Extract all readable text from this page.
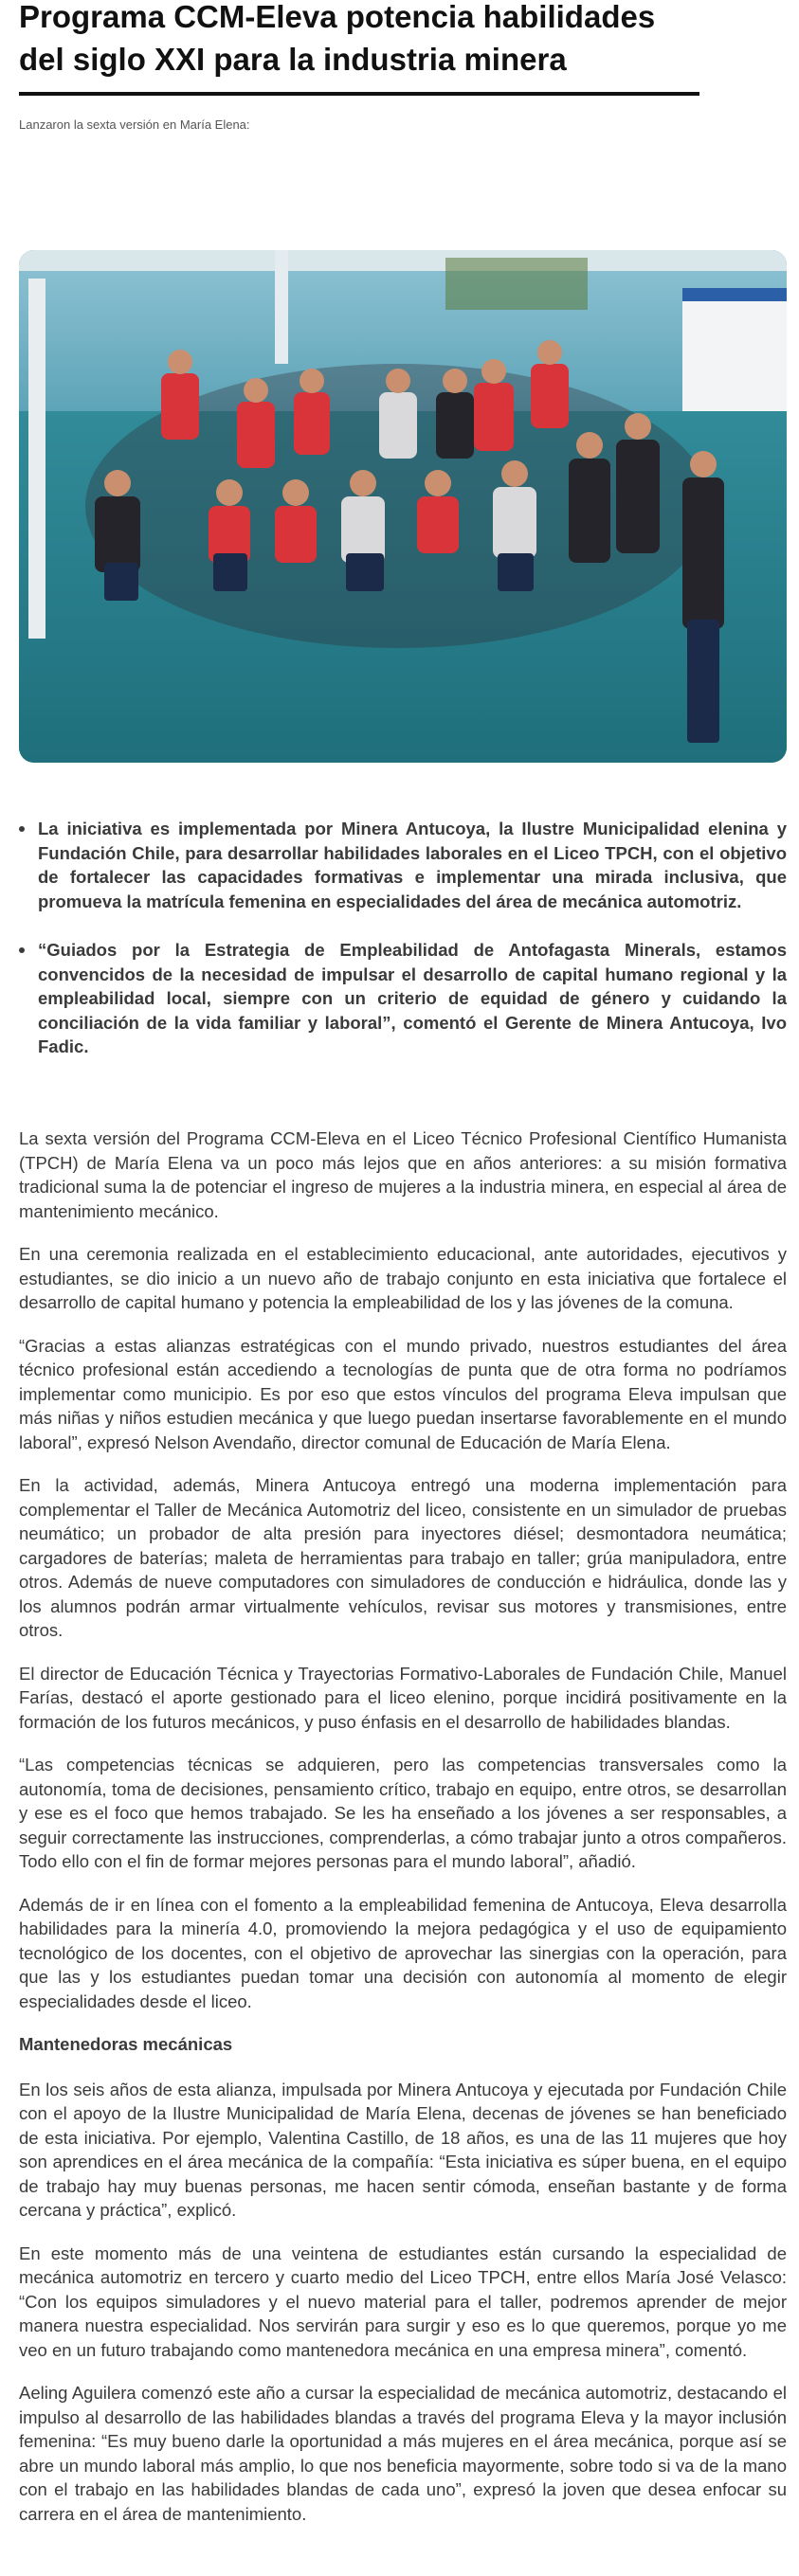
Programa CCM-Eleva potencia habilidades del siglo XXI para la industria minera
Lanzaron la sexta versión en María Elena:
La iniciativa es implementada por Minera Antucoya, la Ilustre Municipalidad elenina y Fundación Chile, para desarrollar habilidades laborales en el Liceo TPCH, con el objetivo de fortalecer las capacidades formativas e implementar una mirada inclusiva, que promueva la matrícula femenina en especialidades del área de mecánica automotriz.
“Guiados por la Estrategia de Empleabilidad de Antofagasta Minerals, estamos convencidos de la necesidad de impulsar el desarrollo de capital humano regional y la empleabilidad local, siempre con un criterio de equidad de género y cuidando la conciliación de la vida familiar y laboral”, comentó el Gerente de Minera Antucoya, Ivo Fadic.

La sexta versión del Programa CCM-Eleva en el Liceo Técnico Profesional Científico Humanista (TPCH) de María Elena va un poco más lejos que en años anteriores: a su misión formativa tradicional suma la de potenciar el ingreso de mujeres a la industria minera, en especial al área de mantenimiento mecánico.

En una ceremonia realizada en el establecimiento educacional, ante autoridades, ejecutivos y estudiantes, se dio inicio a un nuevo año de trabajo conjunto en esta iniciativa que fortalece el desarrollo de capital humano y potencia la empleabilidad de los y las jóvenes de la comuna.

“Gracias a estas alianzas estratégicas con el mundo privado, nuestros estudiantes del área técnico profesional están accediendo a tecnologías de punta que de otra forma no podríamos implementar como municipio. Es por eso que estos vínculos del programa Eleva impulsan que más niñas y niños estudien mecánica y que luego puedan insertarse favorablemente en el mundo laboral”, expresó Nelson Avendaño, director comunal de Educación de María Elena.

En la actividad, además, Minera Antucoya entregó una moderna implementación para complementar el Taller de Mecánica Automotriz del liceo, consistente en un simulador de pruebas neumático; un probador de alta presión para inyectores diésel; desmontadora neumática; cargadores de baterías; maleta de herramientas para trabajo en taller; grúa manipuladora, entre otros. Además de nueve computadores con simuladores de conducción e hidráulica, donde las y los alumnos podrán armar virtualmente vehículos, revisar sus motores y transmisiones, entre otros.

El director de Educación Técnica y Trayectorias Formativo-Laborales de Fundación Chile, Manuel Farías, destacó el aporte gestionado para el liceo elenino, porque incidirá positivamente en la formación de los futuros mecánicos, y puso énfasis en el desarrollo de habilidades blandas.

“Las competencias técnicas se adquieren, pero las competencias transversales como la autonomía, toma de decisiones, pensamiento crítico, trabajo en equipo, entre otros, se desarrollan y ese es el foco que hemos trabajado. Se les ha enseñado a los jóvenes a ser responsables, a seguir correctamente las instrucciones, comprenderlas, a cómo trabajar junto a otros compañeros. Todo ello con el fin de formar mejores personas para el mundo laboral”, añadió.

Además de ir en línea con el fomento a la empleabilidad femenina de Antucoya, Eleva desarrolla habilidades para la minería 4.0, promoviendo la mejora pedagógica y el uso de equipamiento tecnológico de los docentes, con el objetivo de aprovechar las sinergias con la operación, para que las y los estudiantes puedan tomar una decisión con autonomía al momento de elegir especialidades desde el liceo.

Mantenedoras mecánicas

En los seis años de esta alianza, impulsada por Minera Antucoya y ejecutada por Fundación Chile con el apoyo de la Ilustre Municipalidad de María Elena, decenas de jóvenes se han beneficiado de esta iniciativa. Por ejemplo, Valentina Castillo, de 18 años, es una de las 11 mujeres que hoy son aprendices en el área mecánica de la compañía: “Esta iniciativa es súper buena, en el equipo de trabajo hay muy buenas personas, me hacen sentir cómoda, enseñan bastante y de forma cercana y práctica”, explicó.

En este momento más de una veintena de estudiantes están cursando la especialidad de mecánica automotriz en tercero y cuarto medio del Liceo TPCH, entre ellos María José Velasco: “Con los equipos simuladores y el nuevo material para el taller, podremos aprender de mejor manera nuestra especialidad. Nos servirán para surgir y eso es lo que queremos, porque yo me veo en un futuro trabajando como mantenedora mecánica en una empresa minera”, comentó.

Aeling Aguilera comenzó este año a cursar la especialidad de mecánica automotriz, destacando el impulso al desarrollo de las habilidades blandas a través del programa Eleva y la mayor inclusión femenina: “Es muy bueno darle la oportunidad a más mujeres en el área mecánica, porque así se abre un mundo laboral más amplio, lo que nos beneficia mayormente, sobre todo si va de la mano con el trabajo en las habilidades blandas de cada uno”, expresó la joven que desea enfocar su carrera en el área de mantenimiento.
